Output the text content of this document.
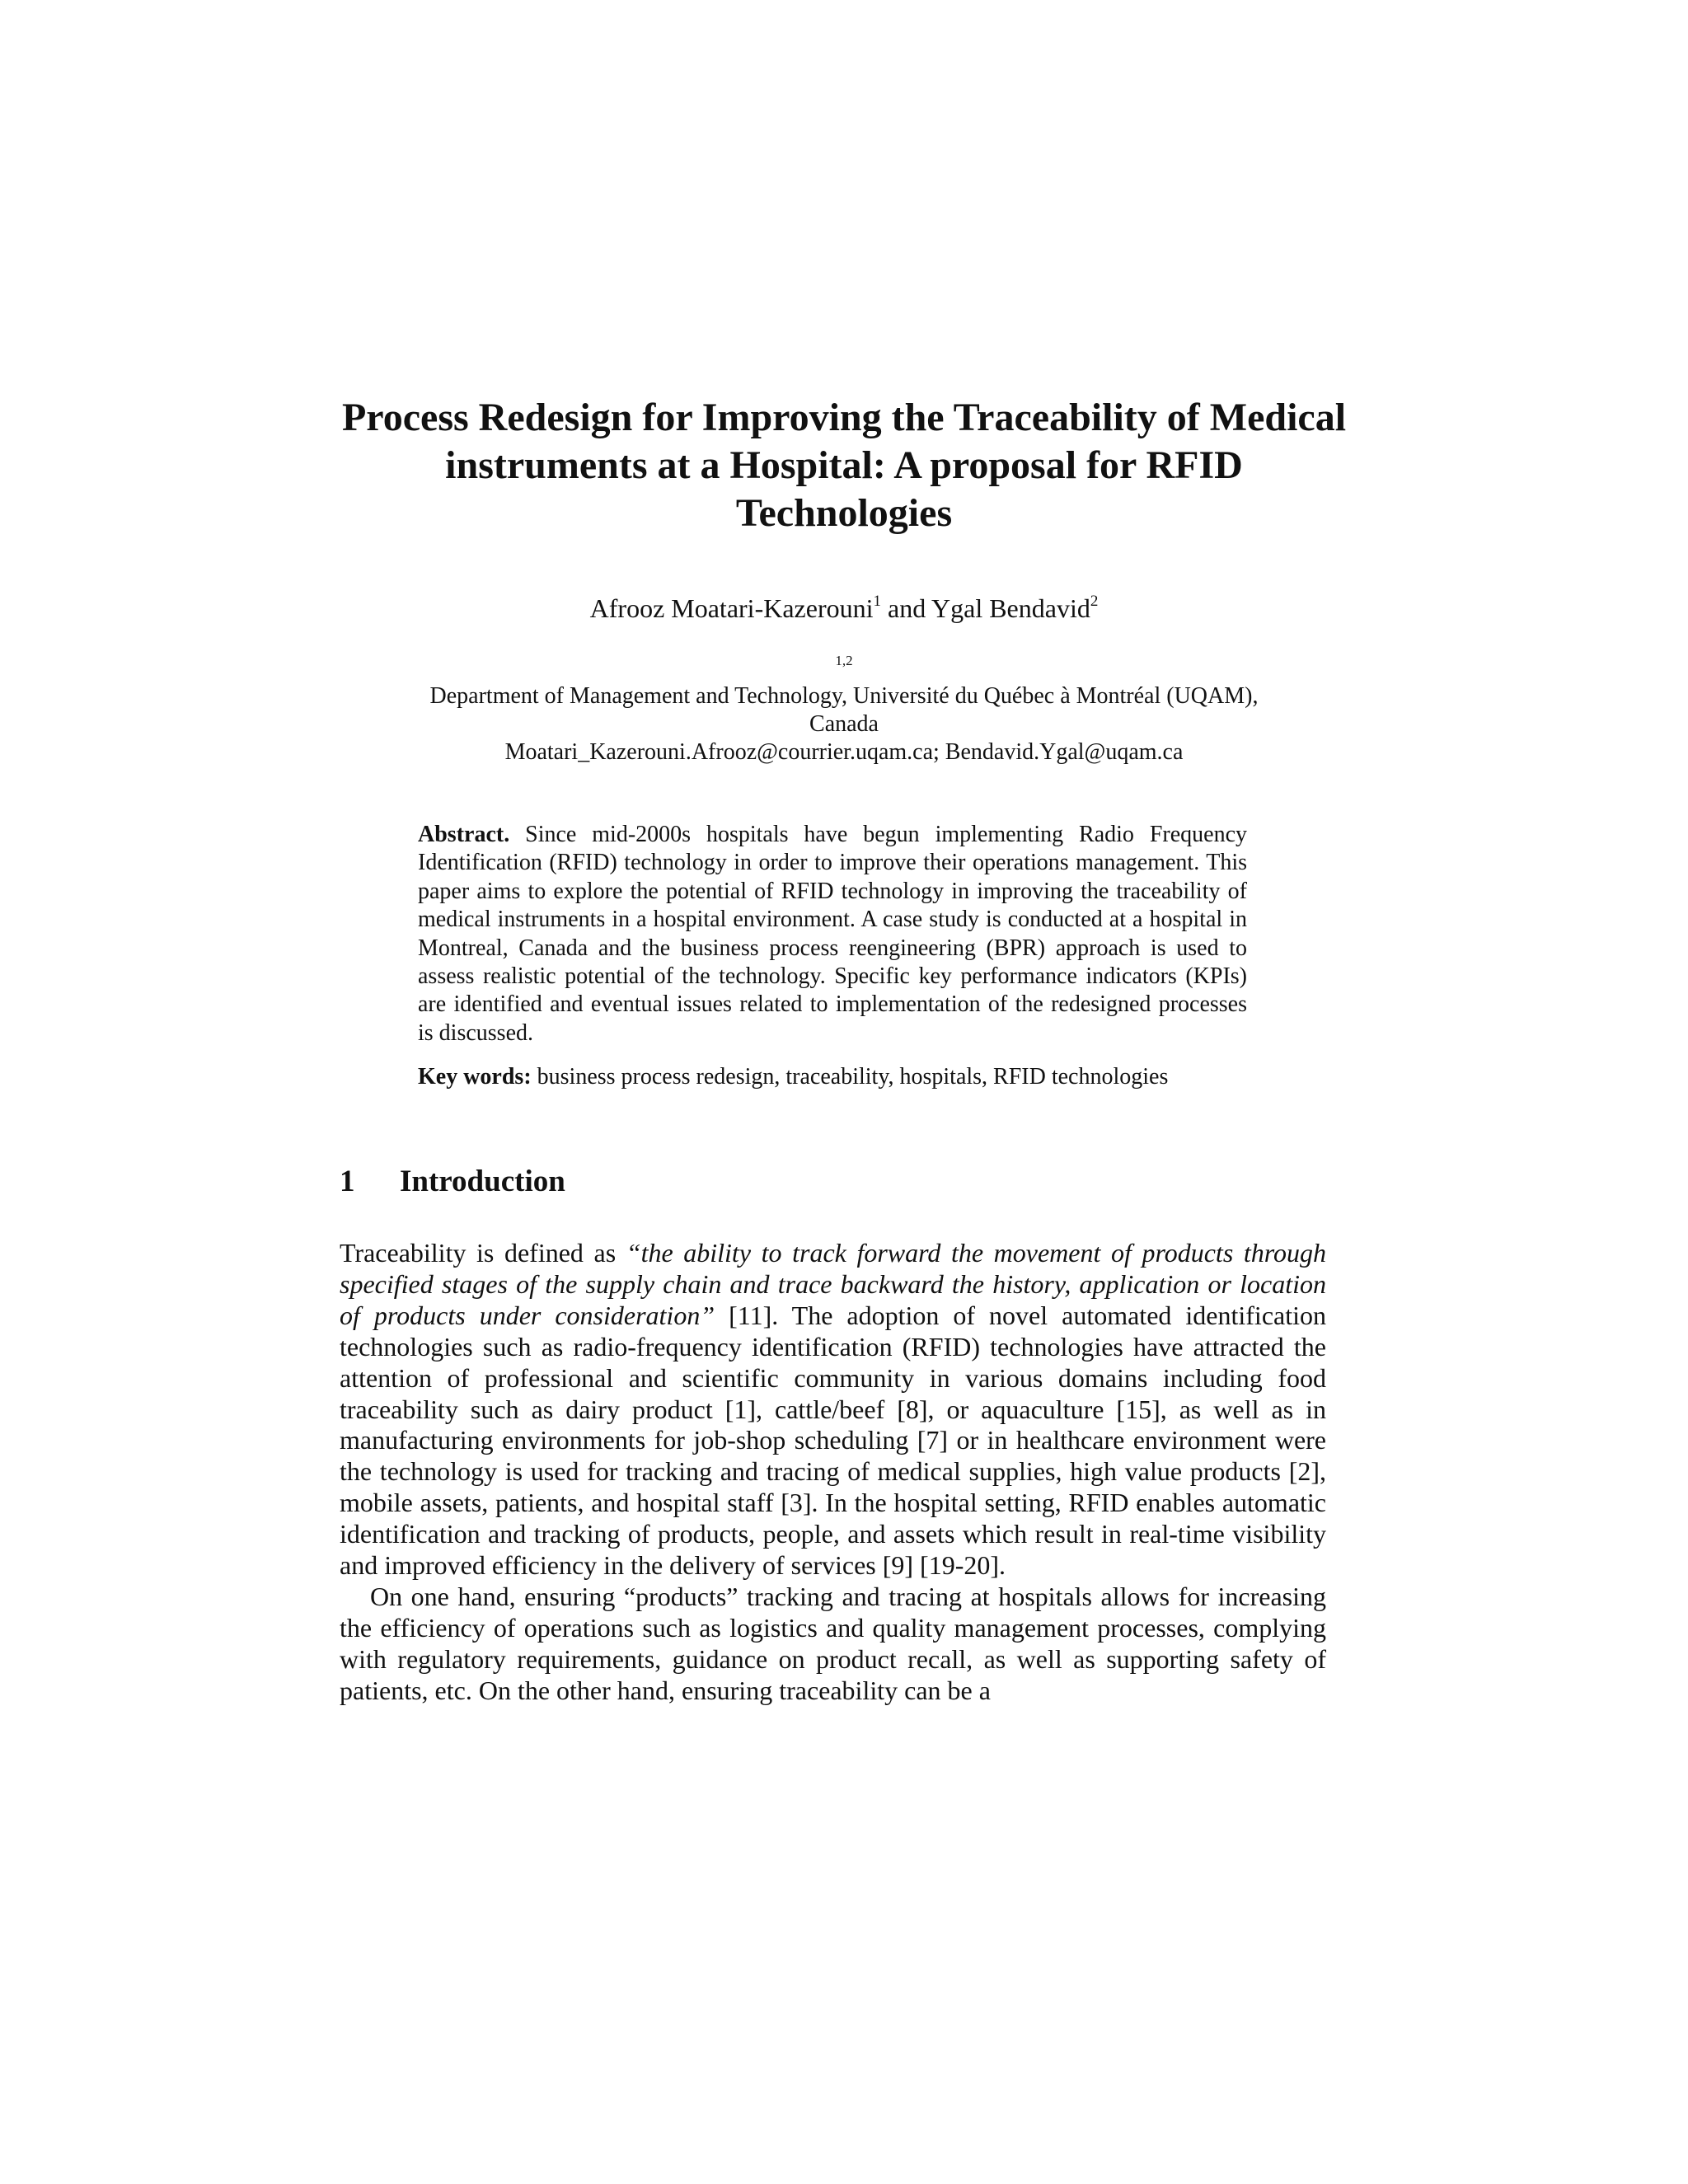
Process Redesign for Improving the Traceability of Medical
instruments at a Hospital: A proposal for RFID
Technologies
Afrooz Moatari-Kazerouni$^1$ and Ygal Bendavid$^2$
$^{1,2}$
Department of Management and Technology, Université du Québec à Montréal (UQAM),
Canada
Moatari_Kazerouni.Afrooz@courrier.uqam.ca; Bendavid.Ygal@uqam.ca
Abstract. Since mid-2000s hospitals have begun implementing Radio Frequency Identification (RFID) technology in order to improve their operations management. This paper aims to explore the potential of RFID technology in improving the traceability of medical instruments in a hospital environment. A case study is conducted at a hospital in Montreal, Canada and the business process reengineering (BPR) approach is used to assess realistic potential of the technology. Specific key performance indicators (KPIs) are identified and eventual issues related to implementation of the redesigned processes is discussed.
Key words: business process redesign, traceability, hospitals, RFID technologies
1 Introduction

Traceability is defined as “the ability to track forward the movement of products through specified stages of the supply chain and trace backward the history, application or location of products under consideration” [11]. The adoption of novel automated identification technologies such as radio-frequency identification (RFID) technologies have attracted the attention of professional and scientific community in various domains including food traceability such as dairy product [1], cattle/beef [8], or aquaculture [15], as well as in manufacturing environments for job-shop scheduling [7] or in healthcare environment were the technology is used for tracking and tracing of medical supplies, high value products [2], mobile assets, patients, and hospital staff [3]. In the hospital setting, RFID enables automatic identification and tracking of products, people, and assets which result in real-time visibility and improved efficiency in the delivery of services [9] [19-20].

On one hand, ensuring “products” tracking and tracing at hospitals allows for increasing the efficiency of operations such as logistics and quality management processes, complying with regulatory requirements, guidance on product recall, as well as supporting safety of patients, etc. On the other hand, ensuring traceability can be a
